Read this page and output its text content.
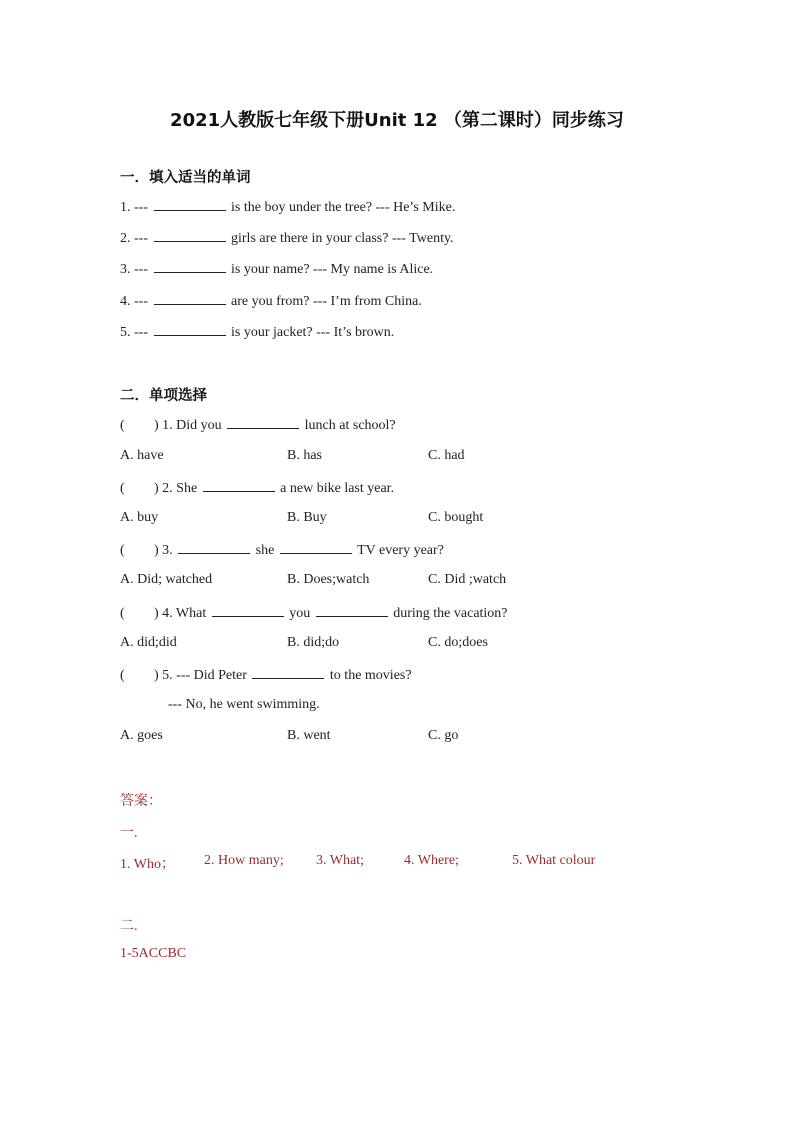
2021人教版七年级下册Unit 12 （第二课时）同步练习
一．填入适当的单词
1. ---	is the boy under the tree? --- He’s Mike.
2. ---	girls are there in your class? --- Twenty.
3. ---	is your name? --- My name is Alice.
4. ---	are you from? --- I’m from China.
5. ---	is your jacket? --- It’s brown.
二．单项选择
( ) 1. Did you	lunch at school?
A. have	B. has	C. had
( ) 2. She	a new bike last year.
A. buy	B. Buy	C. bought
( ) 3.	she	TV every year?
A. Did; watched	B. Does;watch	C. Did ;watch
( ) 4. What	you	during the vacation?
A. did;did	B. did;do	C. do;does
( ) 5. --- Did Peter	to the movies?
--- No, he went swimming.
A. goes	B. went	C. go
答案：
一.
1. Who； 2. How many; 3. What;	4. Where;	5. What colour
二.
1-5ACCBC
